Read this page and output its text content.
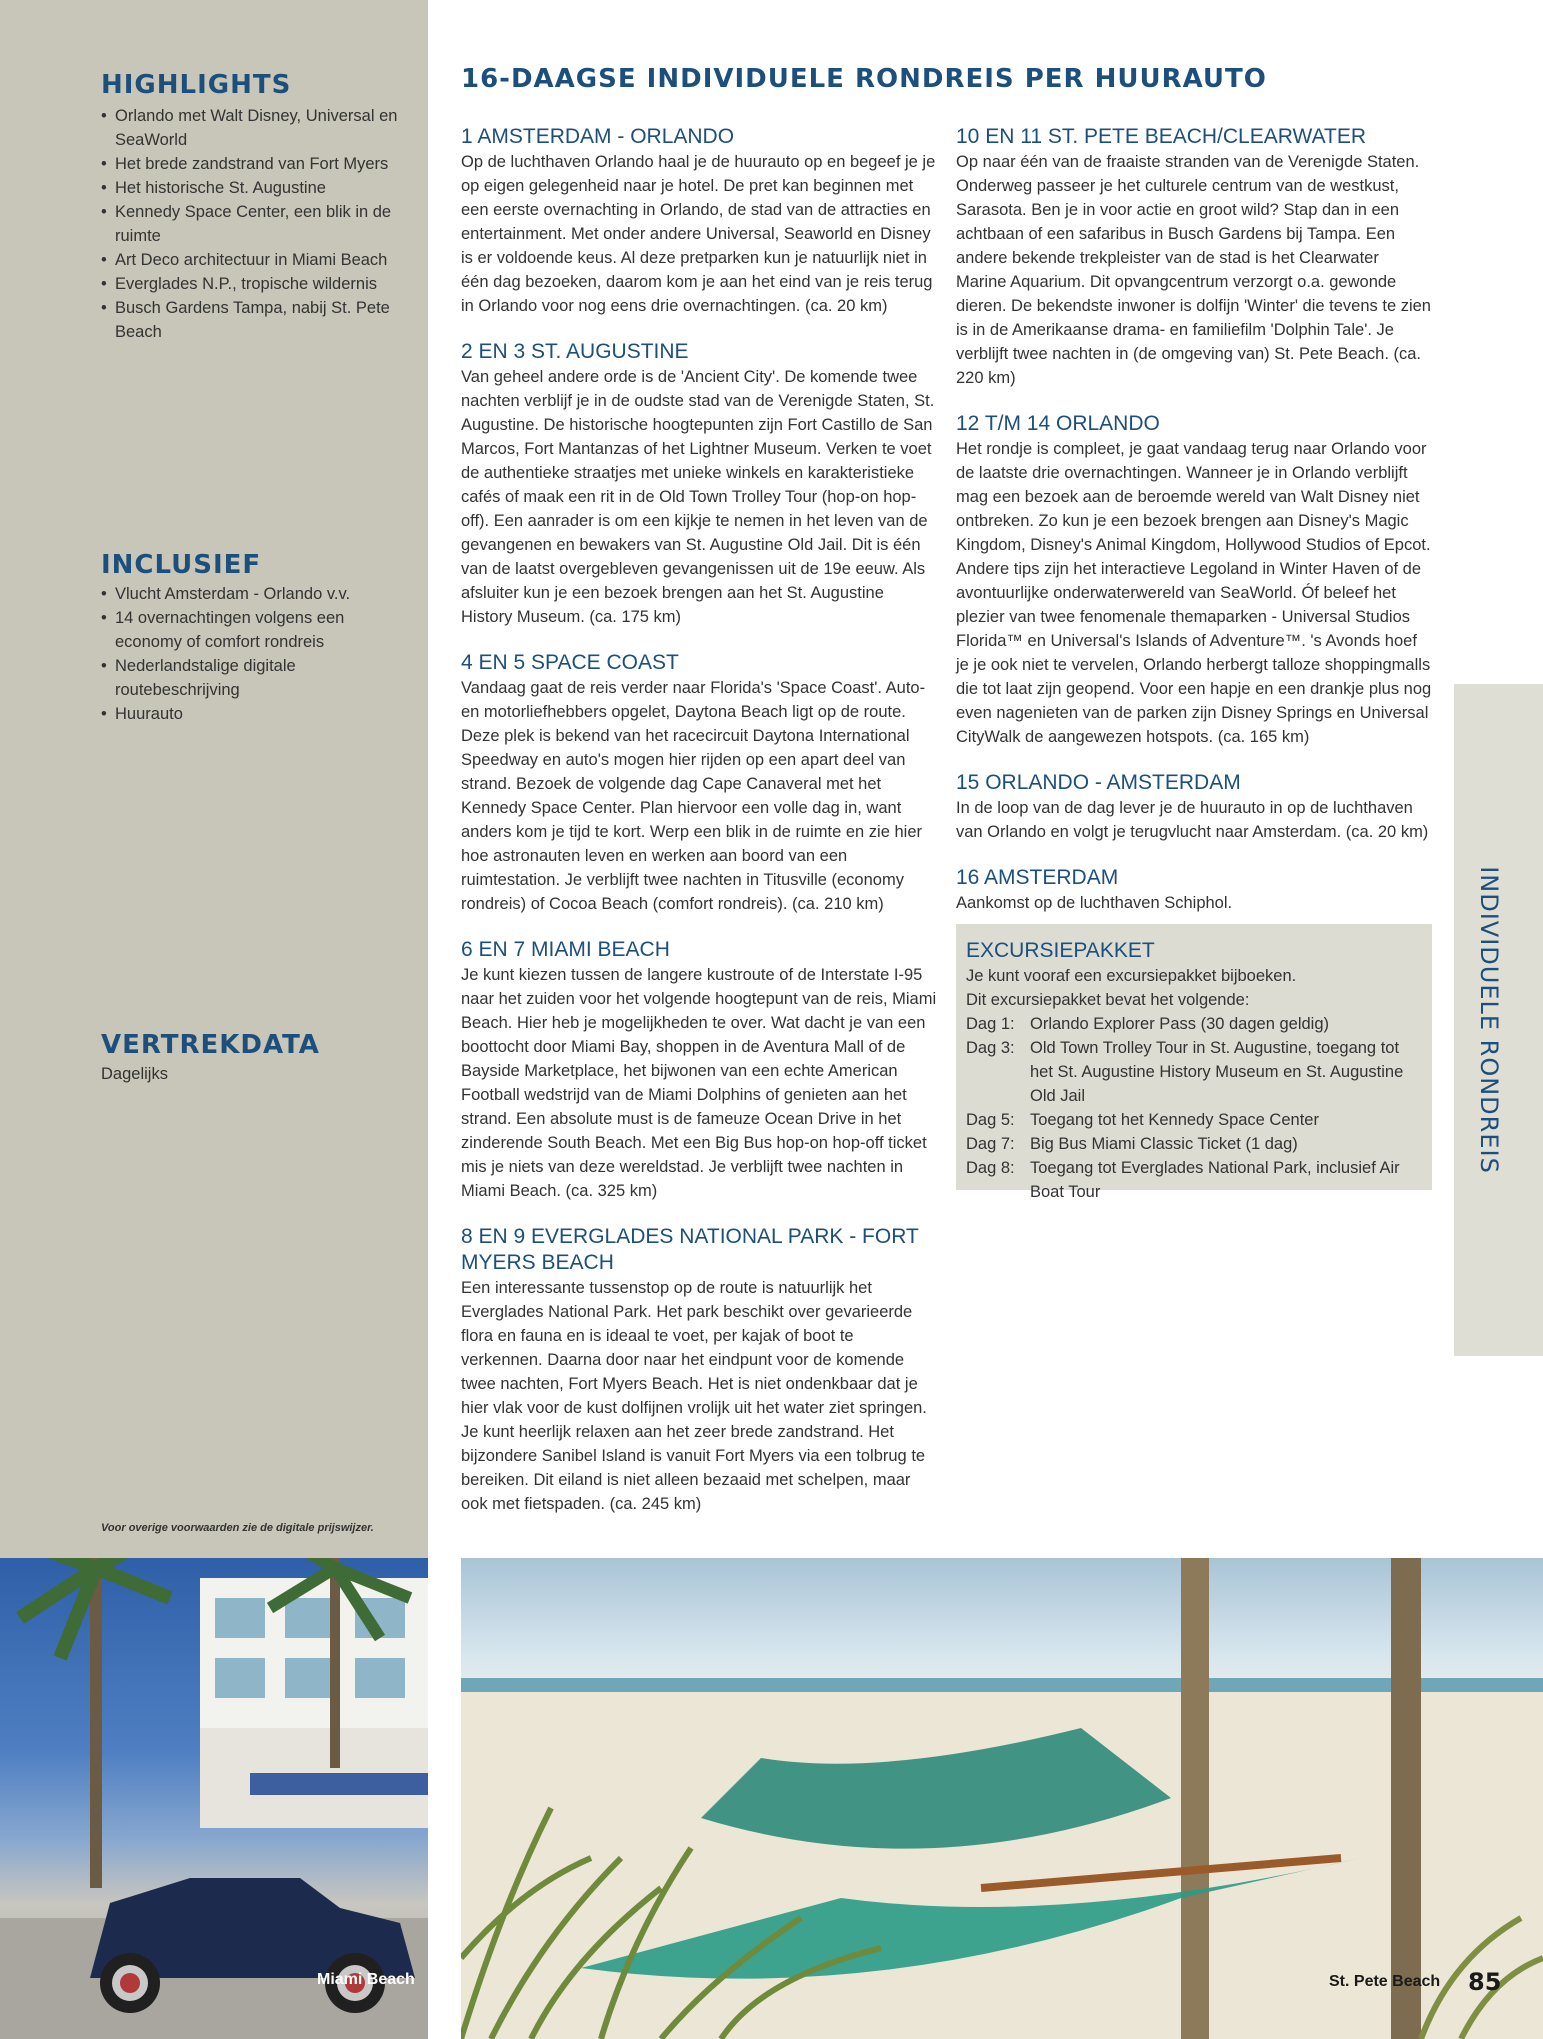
HIGHLIGHTS
• Orlando met Walt Disney, Universal en SeaWorld
• Het brede zandstrand van Fort Myers
• Het historische St. Augustine
• Kennedy Space Center, een blik in de ruimte
• Art Deco architectuur in Miami Beach
• Everglades N.P., tropische wildernis
• Busch Gardens Tampa, nabij St. Pete Beach
INCLUSIEF
• Vlucht Amsterdam - Orlando v.v.
• 14 overnachtingen volgens een economy of comfort rondreis
• Nederlandstalige digitale routebeschrijving
• Huurauto
VERTREKDATA
Dagelijks
Voor overige voorwaarden zie de digitale prijswijzer.
16-DAAGSE INDIVIDUELE RONDREIS PER HUURAUTO
1 AMSTERDAM - ORLANDO

Op de luchthaven Orlando haal je de huurauto op en begeef je je op eigen gelegenheid naar je hotel. De pret kan beginnen met een eerste overnachting in Orlando, de stad van de attracties en entertainment. Met onder andere Universal, Seaworld en Disney is er voldoende keus. Al deze pretparken kun je natuurlijk niet in één dag bezoeken, daarom kom je aan het eind van je reis terug in Orlando voor nog eens drie overnachtingen. (ca. 20 km)

2 EN 3 ST. AUGUSTINE

Van geheel andere orde is de 'Ancient City'. De komende twee nachten verblijf je in de oudste stad van de Verenigde Staten, St. Augustine. De historische hoogtepunten zijn Fort Castillo de San Marcos, Fort Mantanzas of het Lightner Museum. Verken te voet de authentieke straatjes met unieke winkels en karakteristieke cafés of maak een rit in de Old Town Trolley Tour (hop-on hop-off). Een aanrader is om een kijkje te nemen in het leven van de gevangenen en bewakers van St. Augustine Old Jail. Dit is één van de laatst overgebleven gevangenissen uit de 19e eeuw. Als afsluiter kun je een bezoek brengen aan het St. Augustine History Museum. (ca. 175 km)

4 EN 5 SPACE COAST

Vandaag gaat de reis verder naar Florida's 'Space Coast'. Auto- en motorliefhebbers opgelet, Daytona Beach ligt op de route. Deze plek is bekend van het racecircuit Daytona International Speedway en auto's mogen hier rijden op een apart deel van strand. Bezoek de volgende dag Cape Canaveral met het Kennedy Space Center. Plan hiervoor een volle dag in, want anders kom je tijd te kort. Werp een blik in de ruimte en zie hier hoe astronauten leven en werken aan boord van een ruimtestation. Je verblijft twee nachten in Titusville (economy rondreis) of Cocoa Beach (comfort rondreis). (ca. 210 km)

6 EN 7 MIAMI BEACH

Je kunt kiezen tussen de langere kustroute of de Interstate I-95 naar het zuiden voor het volgende hoogtepunt van de reis, Miami Beach. Hier heb je mogelijkheden te over. Wat dacht je van een boottocht door Miami Bay, shoppen in de Aventura Mall of de Bayside Marketplace, het bijwonen van een echte American Football wedstrijd van de Miami Dolphins of genieten aan het strand. Een absolute must is de fameuze Ocean Drive in het zinderende South Beach. Met een Big Bus hop-on hop-off ticket mis je niets van deze wereldstad. Je verblijft twee nachten in Miami Beach. (ca. 325 km)

8 EN 9 EVERGLADES NATIONAL PARK - FORT MYERS BEACH

Een interessante tussenstop op de route is natuurlijk het Everglades National Park. Het park beschikt over gevarieerde flora en fauna en is ideaal te voet, per kajak of boot te verkennen. Daarna door naar het eindpunt voor de komende twee nachten, Fort Myers Beach. Het is niet ondenkbaar dat je hier vlak voor de kust dolfijnen vrolijk uit het water ziet springen. Je kunt heerlijk relaxen aan het zeer brede zandstrand. Het bijzondere Sanibel Island is vanuit Fort Myers via een tolbrug te bereiken. Dit eiland is niet alleen bezaaid met schelpen, maar ook met fietspaden. (ca. 245 km)

10 EN 11 ST. PETE BEACH/CLEARWATER

Op naar één van de fraaiste stranden van de Verenigde Staten. Onderweg passeer je het culturele centrum van de westkust, Sarasota. Ben je in voor actie en groot wild? Stap dan in een achtbaan of een safaribus in Busch Gardens bij Tampa. Een andere bekende trekpleister van de stad is het Clearwater Marine Aquarium. Dit opvangcentrum verzorgt o.a. gewonde dieren. De bekendste inwoner is dolfijn 'Winter' die tevens te zien is in de Amerikaanse drama- en familiefilm 'Dolphin Tale'. Je verblijft twee nachten in (de omgeving van) St. Pete Beach. (ca. 220 km)

12 T/M 14 ORLANDO

Het rondje is compleet, je gaat vandaag terug naar Orlando voor de laatste drie overnachtingen. Wanneer je in Orlando verblijft mag een bezoek aan de beroemde wereld van Walt Disney niet ontbreken. Zo kun je een bezoek brengen aan Disney's Magic Kingdom, Disney's Animal Kingdom, Hollywood Studios of Epcot. Andere tips zijn het interactieve Legoland in Winter Haven of de avontuurlijke onderwaterwereld van SeaWorld. Óf beleef het plezier van twee fenomenale themaparken - Universal Studios Florida™ en Universal's Islands of Adventure™. 's Avonds hoef je je ook niet te vervelen, Orlando herbergt talloze shoppingmalls die tot laat zijn geopend. Voor een hapje en een drankje plus nog even nagenieten van de parken zijn Disney Springs en Universal CityWalk de aangewezen hotspots. (ca. 165 km)

15 ORLANDO - AMSTERDAM

In de loop van de dag lever je de huurauto in op de luchthaven van Orlando en volgt je terugvlucht naar Amsterdam. (ca. 20 km)

16 AMSTERDAM

Aankomst op de luchthaven Schiphol.

EXCURSIEPAKKET

Je kunt vooraf een excursiepakket bijboeken.

Dit excursiepakket bevat het volgende:

Dag 1: Orlando Explorer Pass (30 dagen geldig)
Dag 3: Old Town Trolley Tour in St. Augustine, toegang tot het St. Augustine History Museum en St. Augustine Old Jail
Dag 5: Toegang tot het Kennedy Space Center
Dag 7: Big Bus Miami Classic Ticket (1 dag)
Dag 8: Toegang tot Everglades National Park, inclusief Air Boat Tour
INDIVIDUELE RONDREIS
Miami Beach	St. Pete Beach 85
